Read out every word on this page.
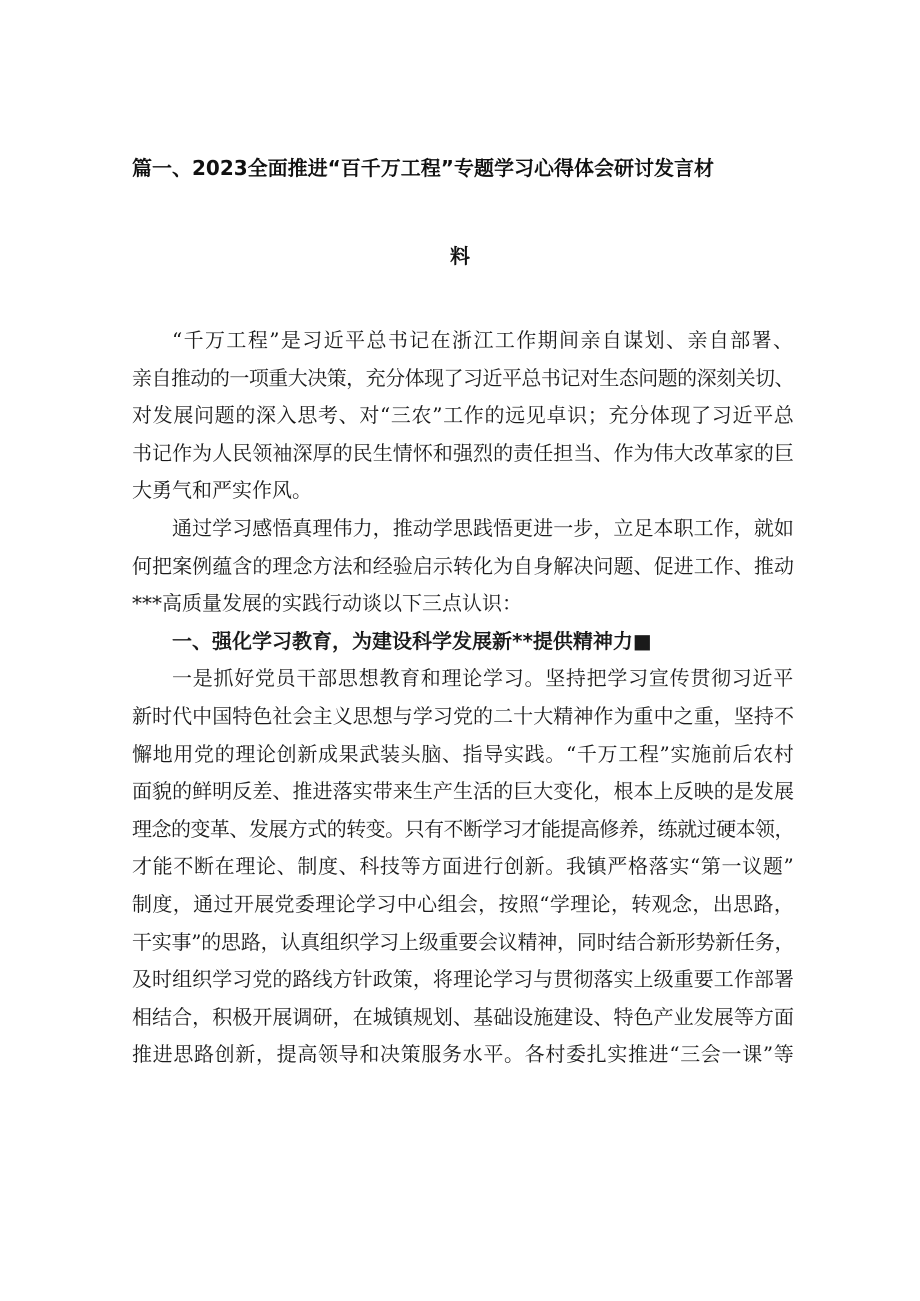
篇一、2023全面推进“百千万工程”专题学习心得体会研讨发言材
料
“千万工程”是习近平总书记在浙江工作期间亲自谋划、亲自部署、
亲自推动的一项重大决策，充分体现了习近平总书记对生态问题的深刻关切、
对发展问题的深入思考、对“三农”工作的远见卓识；充分体现了习近平总
书记作为人民领袖深厚的民生情怀和强烈的责任担当、作为伟大改革家的巨
大勇气和严实作风。
通过学习感悟真理伟力，推动学思践悟更进一步，立足本职工作，就如
何把案例蕴含的理念方法和经验启示转化为自身解决问题、促进工作、推动
***高质量发展的实践行动谈以下三点认识：
一、强化学习教育，为建设科学发展新**提供精神力■
一是抓好党员干部思想教育和理论学习。坚持把学习宣传贯彻习近平
新时代中国特色社会主义思想与学习党的二十大精神作为重中之重，坚持不
懈地用党的理论创新成果武装头脑、指导实践。“千万工程”实施前后农村
面貌的鲜明反差、推进落实带来生产生活的巨大变化，根本上反映的是发展
理念的变革、发展方式的转变。只有不断学习才能提高修养，练就过硬本领，
才能不断在理论、制度、科技等方面进行创新。我镇严格落实“第一议题”
制度，通过开展党委理论学习中心组会，按照“学理论，转观念，出思路，
干实事”的思路，认真组织学习上级重要会议精神，同时结合新形势新任务，
及时组织学习党的路线方针政策，将理论学习与贯彻落实上级重要工作部署
相结合，积极开展调研，在城镇规划、基础设施建设、特色产业发展等方面
推进思路创新，提高领导和决策服务水平。各村委扎实推进“三会一课”等
